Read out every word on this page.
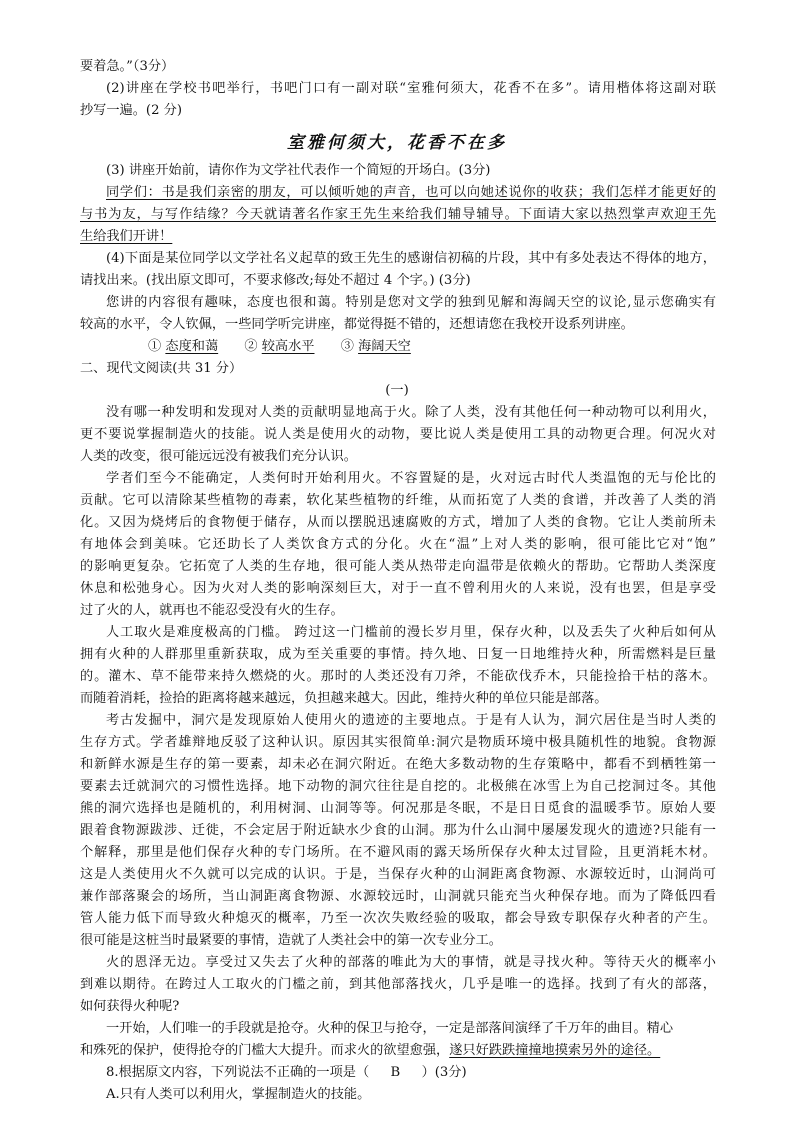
要着急。”（3分）
(2)讲座在学校书吧举行，书吧门口有一副对联“室雅何须大，花香不在多”。请用楷体将这副对联
抄写一遍。(2 分)
室雅何须大，花香不在多
(3) 讲座开始前，请你作为文学社代表作一个简短的开场白。(3分)
同学们：书是我们亲密的朋友，可以倾听她的声音，也可以向她述说你的收获；我们怎样才能更好的
与书为友，与写作结缘？今天就请著名作家王先生来给我们辅导辅导。下面请大家以热烈掌声欢迎王先
生给我们开讲！
(4)下面是某位同学以文学社名义起草的致王先生的感谢信初稿的片段，其中有多处表达不得体的地方，
请找出来。(找出原文即可，不要求修改;每处不超过 4 个字。) (3分)
您讲的内容很有趣味，态度也很和蔼。特别是您对文学的独到见解和海阔天空的议论,显示您确实有
较高的水平，令人钦佩，一些同学听完讲座，都觉得挺不错的，还想请您在我校开设系列讲座。
① 态度和蔼 ② 较高水平 ③ 海阔天空
二、现代文阅读(共 31 分）
(一)
没有哪一种发明和发现对人类的贡献明显地高于火。除了人类，没有其他任何一种动物可以利用火，
更不要说掌握制造火的技能。说人类是使用火的动物，要比说人类是使用工具的动物更合理。何况火对
人类的改变，很可能远远没有被我们充分认识。
学者们至今不能确定，人类何时开始利用火。不容置疑的是，火对远古时代人类温饱的无与伦比的
贡献。它可以清除某些植物的毒素，软化某些植物的纤维，从而拓宽了人类的食谱，并改善了人类的消
化。又因为烧烤后的食物便于储存，从而以摆脱迅速腐败的方式，增加了人类的食物。它让人类前所未
有地体会到美味。它还助长了人类饮食方式的分化。火在“温”上对人类的影响，很可能比它对“饱”
的影响更复杂。它拓宽了人类的生存地，很可能人类从热带走向温带是依赖火的帮助。它帮助人类深度
休息和松弛身心。因为火对人类的影响深刻巨大，对于一直不曾利用火的人来说，没有也罢，但是享受
过了火的人，就再也不能忍受没有火的生存。
人工取火是难度极高的门槛。 跨过这一门槛前的漫长岁月里，保存火种，以及丢失了火种后如何从
拥有火种的人群那里重新获取，成为至关重要的事情。持久地、日复一日地维持火种，所需燃料是巨量
的。灌木、草不能带来持久燃烧的火。那时的人类还没有刀斧，不能砍伐乔木，只能捡拾干枯的落木。
而随着消耗，捡拾的距离将越来越远，负担越来越大。因此，维持火种的单位只能是部落。
考古发掘中，洞穴是发现原始人使用火的遗迹的主要地点。于是有人认为，洞穴居住是当时人类的
生存方式。学者雄辩地反驳了这种认识。原因其实很简单:洞穴是物质环境中极具随机性的地貌。食物源
和新鲜水源是生存的第一要素，却未必在洞穴附近。在绝大多数动物的生存策略中，都看不到栖牲第一
要素去迁就洞穴的习惯性选择。地下动物的洞穴往往是自挖的。北极熊在冰雪上为自己挖洞过冬。其他
熊的洞穴选择也是随机的，利用树洞、山洞等等。何况那是冬眠，不是日日觅食的温暖季节。原始人要
跟着食物源跋涉、迁徙，不会定居于附近缺水少食的山洞。那为什么山洞中屡屡发现火的遗迹?只能有一
个解释，那里是他们保存火种的专门场所。在不避风雨的露天场所保存火种太过冒险，且更消耗木材。
这是人类使用火不久就可以完成的认识。于是，当保存火种的山洞距离食物源、水源较近时，山洞尚可
兼作部落聚会的场所，当山洞距离食物源、水源较远时，山洞就只能充当火种保存地。而为了降低四看
管人能力低下而导致火种熄灭的概率，乃至一次次失败经验的吸取，都会导致专职保存火种者的产生。
很可能是这桩当时最紧要的事情，造就了人类社会中的第一次专业分工。
火的恩泽无边。享受过又失去了火种的部落的唯此为大的事情，就是寻找火种。等待天火的概率小
到难以期待。在跨过人工取火的门槛之前，到其他部落找火，几乎是唯一的选择。找到了有火的部落，
如何获得火种呢?
一开始，人们唯一的手段就是抢夺。火种的保卫与抢夺，一定是部落间演绎了千万年的曲目。精心
和殊死的保护，使得抢夺的门槛大大提升。而求火的欲望愈强，遂只好跌跌撞撞地摸索另外的途径。
8.根据原文内容，下列说法不正确的一项是（ B ）(3分)
A.只有人类可以利用火，掌握制造火的技能。
